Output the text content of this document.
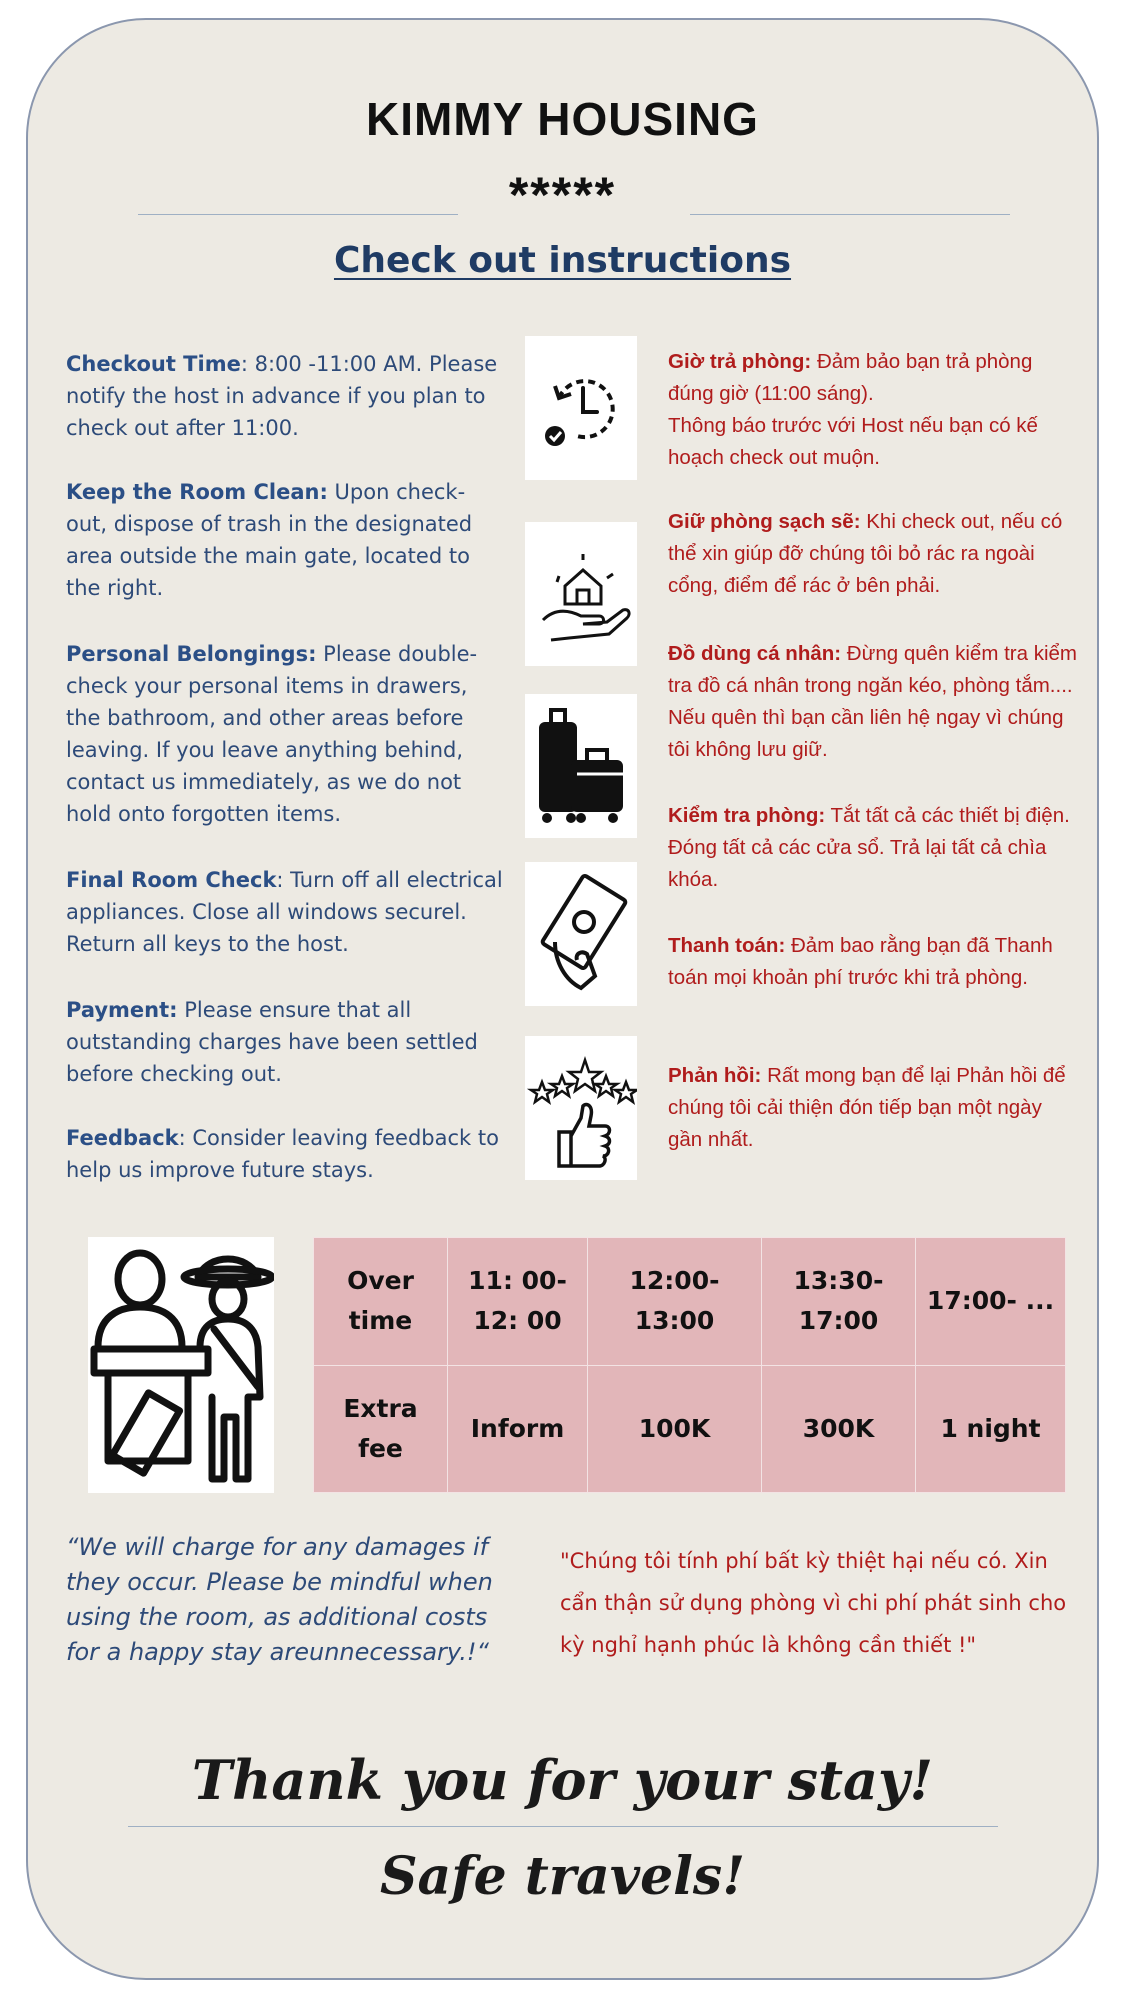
KIMMY HOUSING
*****
Check out instructions
Checkout Time: 8:00 -11:00 AM. Please notify the host in advance if you plan to check out after 11:00.
Keep the Room Clean: Upon check-out, dispose of trash in the designated area outside the main gate, located to the right.
Personal Belongings: Please double-check your personal items in drawers, the bathroom, and other areas before leaving. If you leave anything behind, contact us immediately, as we do not hold onto forgotten items.
Final Room Check: Turn off all electrical appliances. Close all windows securel. Return all keys to the host.
Payment: Please ensure that all outstanding charges have been settled before checking out.
Feedback: Consider leaving feedback to help us improve future stays.
Giờ trả phòng: Đảm bảo bạn trả phòng đúng giờ (11:00 sáng).
Thông báo trước với Host nếu bạn có kế hoạch check out muộn.
Giữ phòng sạch sẽ: Khi check out, nếu có thể xin giúp đỡ chúng tôi bỏ rác ra ngoài cổng, điểm để rác ở bên phải.
Đồ dùng cá nhân: Đừng quên kiểm tra kiểm tra đồ cá nhân trong ngăn kéo, phòng tắm.... Nếu quên thì bạn cần liên hệ ngay vì chúng tôi không lưu giữ.
Kiểm tra phòng: Tắt tất cả các thiết bị điện. Đóng tất cả các cửa sổ. Trả lại tất cả chìa khóa.
Thanh toán: Đảm bao rằng bạn đã Thanh toán mọi khoản phí trước khi trả phòng.
Phản hồi: Rất mong bạn để lại Phản hồi để chúng tôi cải thiện đón tiếp bạn một ngày gần nhất.
Over time	11: 00-12: 00	12:00-13:00	13:30-17:00	17:00- ...
Extra fee	Inform	100K	300K	1 night
“We will charge for any damages if they occur. Please be mindful when using the room, as additional costs for a happy stay areunnecessary.!“
"Chúng tôi tính phí bất kỳ thiệt hại nếu có. Xin cẩn thận sử dụng phòng vì chi phí phát sinh cho kỳ nghỉ hạnh phúc là không cần thiết !"
Thank you for your stay!
Safe travels!
